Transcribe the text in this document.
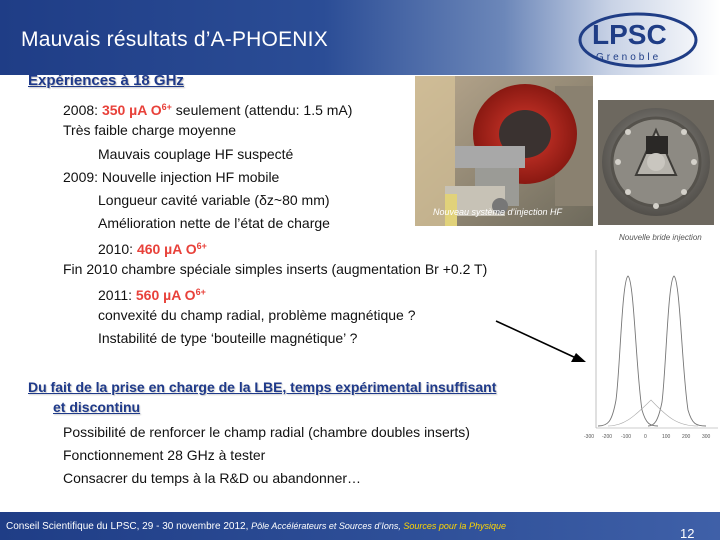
Mauvais résultats d’A-PHOENIX	LPSC
Grenoble
Expériences à 18 GHz
2008: 350 µA $O^{6+}$ seulement (attendu: 1.5 mA)
Très faible charge moyenne
Mauvais couplage HF suspecté
2009: Nouvelle injection HF mobile
Longueur cavité variable (δz~80 mm)
Amélioration nette de l’état de charge
2010: 460 µA $O^{6+}$
Fin 2010 chambre spéciale simples inserts (augmentation Br +0.2 T)
2011: 560 µA $O^{6+}$
convexité du champ radial, problème magnétique ?
Instabilité de type ‘bouteille magnétique’ ?
Du fait de la prise en charge de la LBE, temps expérimental insuffisant
et discontinu
Possibilité de renforcer le champ radial (chambre doubles inserts)
Fonctionnement 28 GHz à tester
Consacrer du temps à la R&D ou abandonner…
Nouveau système d’injection HF
Nouvelle bride injection
-300 -200 -100	0	100 200 300
Conseil Scientifique du LPSC, 29 - 30 novembre 2012, Pôle Accélérateurs et Sources d’Ions, Sources pour la Physique	12
